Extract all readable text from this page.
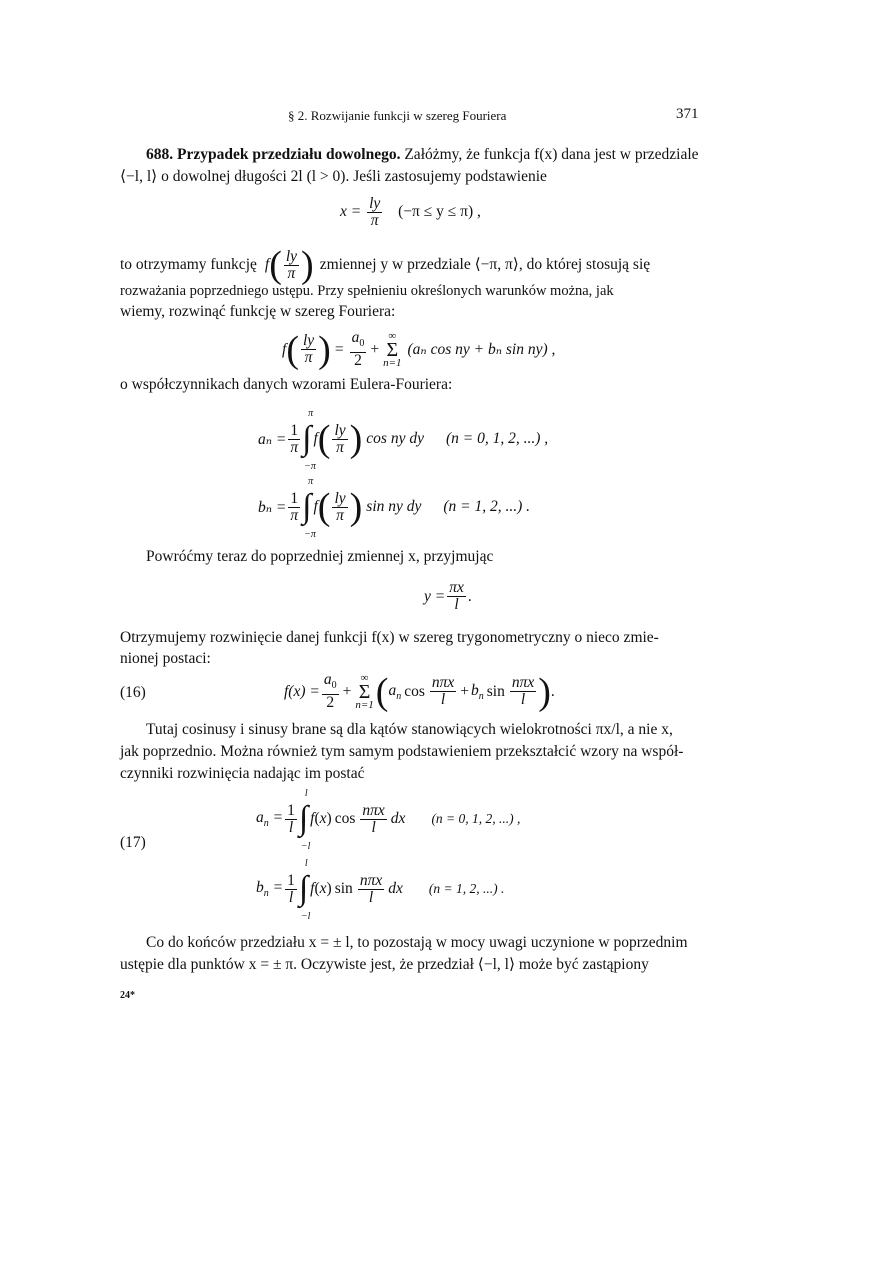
§ 2. Rozwijanie funkcji w szereg Fouriera	371
688. Przypadek przedziału dowolnego. Załóżmy, że funkcja f(x) dana jest w przedziale
⟨−l, l⟩ o dowolnej długości 2l (l > 0). Jeśli zastosujemy podstawienie
$x = \frac{ly}{\pi} (-\pi \le y \le \pi)$ ,
to otrzymamy funkcję f ( $\frac{ly}{\pi}$ ) zmiennej y w przedziale ⟨−π, π⟩, do której stosują się
rozważania poprzedniego ustępu. Przy spełnieniu określonych warunków można, jak
wiemy, rozwinąć funkcję w szereg Fouriera:
f ( $\frac{ly}{\pi}$ ) = $\frac{a_0}{2}$ +
∞
Σ
n=1
(aₙ cos ny + bₙ sin ny) ,
o współczynnikach danych wzorami Eulera-Fouriera:
$a_n = \frac{1}{\pi}$ ∫
π
−π
f ( $\frac{ly}{\pi}$ ) cos ny dy (n = 0, 1, 2, ...) ,
$b_n = \frac{1}{\pi}$ ∫
π
−π
f ( $\frac{ly}{\pi}$ ) sin ny dy (n = 1, 2, ...) .
Powróćmy teraz do poprzedniej zmiennej x, przyjmując
$y = \frac{\pi x}{l}$ .
Otrzymujemy rozwinięcie danej funkcji f(x) w szereg trygonometryczny o nieco zmie-
nionej postaci:
(16)	$f(x) = \frac{a_0}{2}$ +
∞
Σ
n=1 ( $a_n$ $\cos \frac{\text{nπx}}{l} + b_n$ $\sin \frac{\text{nπx}}{l}$ ) .
Tutaj cosinusy i sinusy brane są dla kątów stanowiących wielokrotności πx/l, a nie x,
jak poprzednio. Można również tym samym podstawieniem przekształcić wzory na współ-
czynniki rozwinięcia nadając im postać
(17)
$a_n = \frac{1}{l}$ ∫
l
−l
f ( x ) $\cos \frac{\text{nπx}}{l}$ dx (n = 0, 1, 2, ...) ,
$b_n = \frac{1}{l}$ ∫
l
−l
f ( x ) $\sin \frac{\text{nπx}}{l}$ dx (n = 1, 2, ...) .
Co do końców przedziału x = ± l, to pozostają w mocy uwagi uczynione w poprzednim
ustępie dla punktów x = ± π. Oczywiste jest, że przedział ⟨−l, l⟩ może być zastąpiony
24*
